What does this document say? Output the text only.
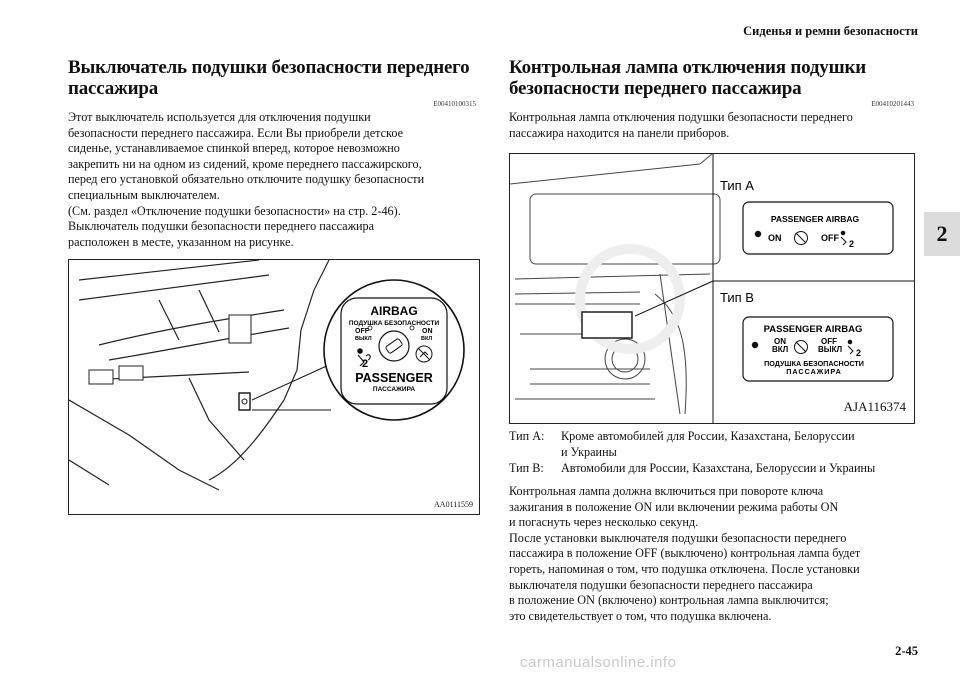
Сиденья и ремни безопасности
2
2-45
carmanualsonline.info
Выключатель подушки безопасности переднего
пассажира
E00410100315

Этот выключатель используется для отключения подушки

безопасности переднего пассажира. Если Вы приобрели детское

сиденье, устанавливаемое спинкой вперед, которое невозможно

закрепить ни на одном из сидений, кроме переднего пассажирского,

перед его установкой обязательно отключите подушку безопасности

специальным выключателем.

(См. раздел «Отключение подушки безопасности» на стр. 2-46).

Выключатель подушки безопасности переднего пассажира

расположен в месте, указанном на рисунке.

AIRBAG
ПОДУШКА БЕЗОПАСНОСТИ
OFF
ВЫКЛ
ON
ВКЛ
2
PASSENGER
ПАССАЖИРА
AA0111559
Контрольная лампа отключения подушки
безопасности переднего пассажира
E00410201443

Контрольная лампа отключения подушки безопасности переднего

пассажира находится на панели приборов.

Тип A
PASSENGER AIRBAG
ON	OFF
2
Тип B
PASSENGER AIRBAG
ON
ВКЛ
OFF
ВЫКЛ 2
ПОДУШКА БЕЗОПАСНОСТИ
ПАССАЖИРА
AJA116374
Тип A:	Кроме автомобилей для России, Казахстана, Белоруссии
и Украины
Тип B:	Автомобили для России, Казахстана, Белоруссии и Украины

Контрольная лампа должна включиться при повороте ключа

зажигания в положение ON или включении режима работы ON

и погаснуть через несколько секунд.

После установки выключателя подушки безопасности переднего

пассажира в положение OFF (выключено) контрольная лампа будет

гореть, напоминая о том, что подушка отключена. После установки

выключателя подушки безопасности переднего пассажира

в положение ON (включено) контрольная лампа выключится;

это свидетельствует о том, что подушка включена.
